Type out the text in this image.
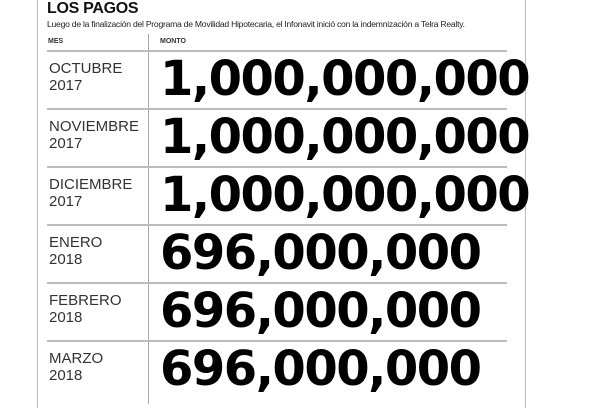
LOS PAGOS
Luego de la finalización del Programa de Movilidad Hipotecaria, el Infonavit inició con la indemnización a Telra Realty.
MES	MONTO
OCTUBRE
2017	1,000,000,000
NOVIEMBRE
2017	1,000,000,000
DICIEMBRE
2017	1,000,000,000
ENERO
2018	696,000,000
FEBRERO
2018	696,000,000
MARZO
2018	696,000,000
